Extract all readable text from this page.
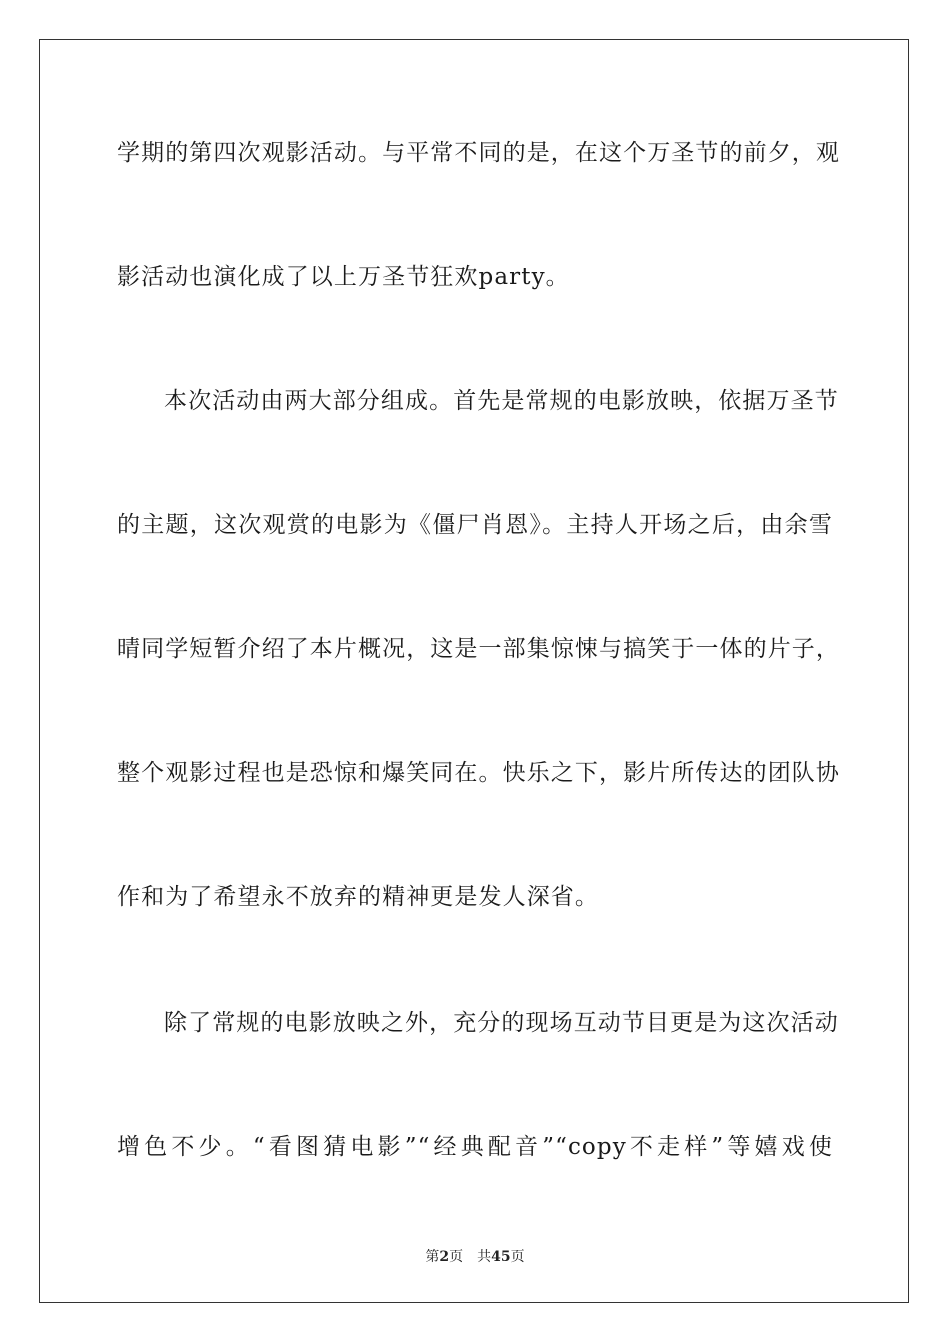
学期的第四次观影活动。与平常不同的是，在这个万圣节的前夕，观
影活动也演化成了以上万圣节狂欢party。
本次活动由两大部分组成。首先是常规的电影放映，依据万圣节
的主题，这次观赏的电影为《僵尸肖恩》。主持人开场之后，由余雪
晴同学短暂介绍了本片概况，这是一部集惊悚与搞笑于一体的片子，
整个观影过程也是恐惊和爆笑同在。快乐之下，影片所传达的团队协
作和为了希望永不放弃的精神更是发人深省。
除了常规的电影放映之外，充分的现场互动节目更是为这次活动
增色不少。“看图猜电影”“经典配音”“copy不走样”等嬉戏使
第2页 共45页
